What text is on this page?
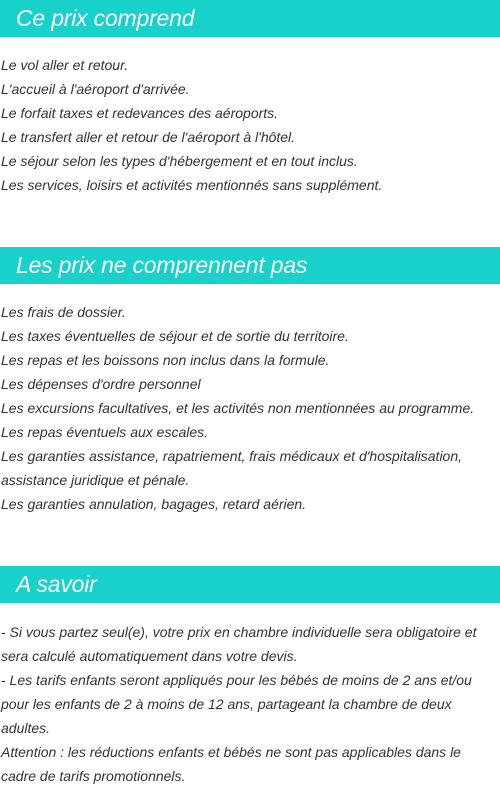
Ce prix comprend
Le vol aller et retour.
L'accueil à l'aéroport d'arrivée.
Le forfait taxes et redevances des aéroports.
Le transfert aller et retour de l'aéroport à l'hôtel.
Le séjour selon les types d'hébergement et en tout inclus.
Les services, loisirs et activités mentionnés sans supplément.
Les prix ne comprennent pas
Les frais de dossier.
Les taxes éventuelles de séjour et de sortie du territoire.
Les repas et les boissons non inclus dans la formule.
Les dépenses d'ordre personnel
Les excursions facultatives, et les activités non mentionnées au programme.
Les repas éventuels aux escales.
Les garanties assistance, rapatriement, frais médicaux et d'hospitalisation, assistance juridique et pénale.
Les garanties annulation, bagages, retard aérien.
A savoir
- Si vous partez seul(e), votre prix en chambre individuelle sera obligatoire et sera calculé automatiquement dans votre devis.
- Les tarifs enfants seront appliqués pour les bébés de moins de 2 ans et/ou pour les enfants de 2 à moins de 12 ans, partageant la chambre de deux adultes.
Attention : les réductions enfants et bébés ne sont pas applicables dans le cadre de tarifs promotionnels.
